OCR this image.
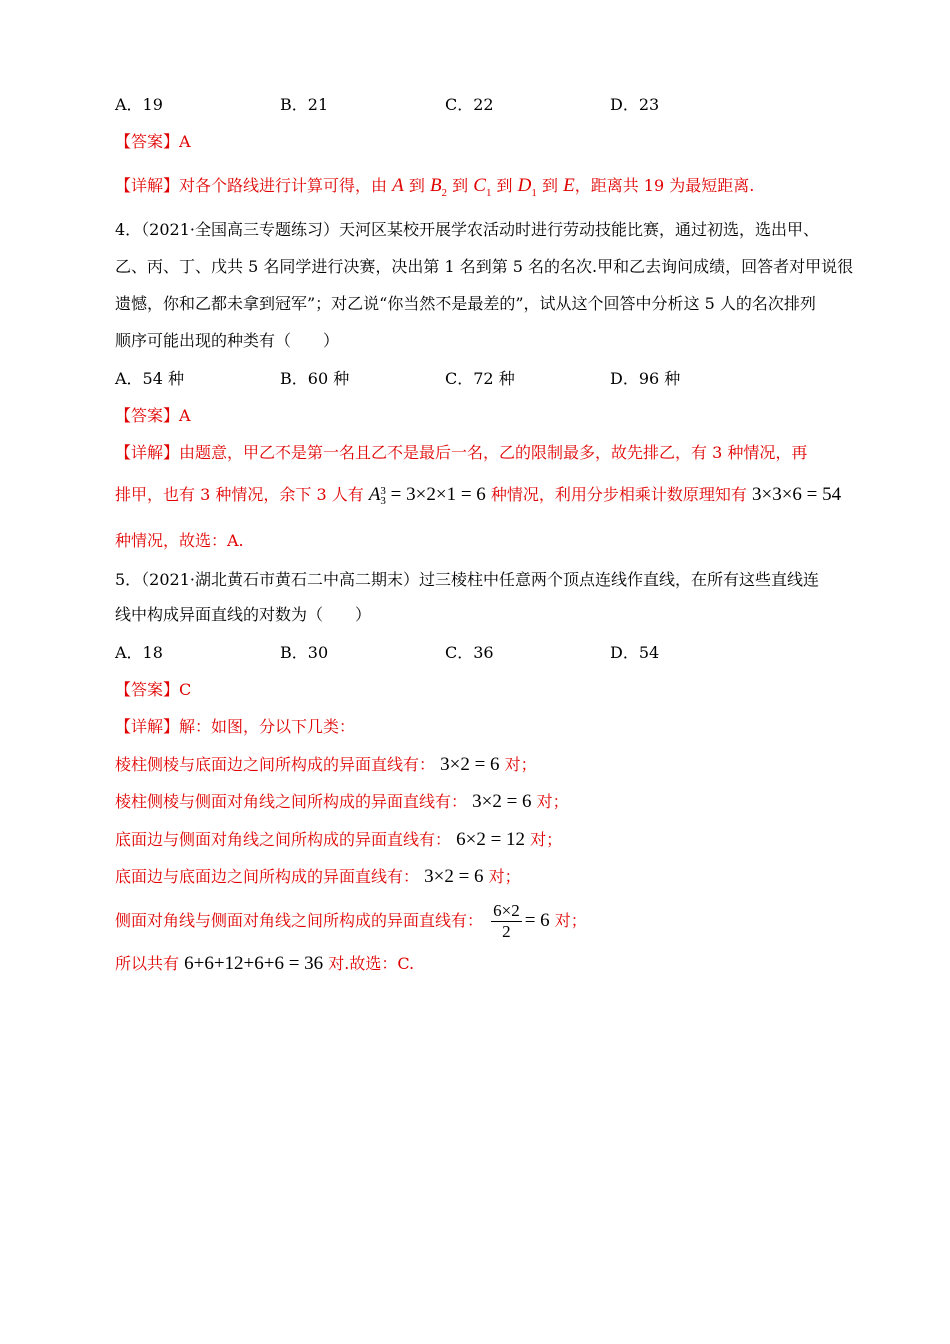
A．19	B．21	C．22	D．23
【答案】A
【详解】对各个路线进行计算可得，由 A 到 $B_2$ 到 $C_1$ 到 $D_1$ 到 E，距离共 19 为最短距离.
4．（2021·全国高三专题练习）天河区某校开展学农活动时进行劳动技能比赛，通过初选，选出甲、
乙、丙、丁、戊共 5 名同学进行决赛，决出第 1 名到第 5 名的名次.甲和乙去询问成绩，回答者对甲说很
遗憾，你和乙都未拿到冠军”；对乙说“你当然不是最差的”，试从这个回答中分析这 5 人的名次排列
顺序可能出现的种类有（　　）
A．54 种	B．60 种	C．72 种	D．96 种
【答案】A
【详解】由题意，甲乙不是第一名且乙不是最后一名，乙的限制最多，故先排乙，有 3 种情况，再
排甲，也有 3 种情况，余下 3 人有 A 3
3 = 3×2×1 = 6 种情况，利用分步相乘计数原理知有 3×3×6 = 54
种情况，故选：A.
5．（2021·湖北黄石市黄石二中高二期末）过三棱柱中任意两个顶点连线作直线，在所有这些直线连
线中构成异面直线的对数为（　　）
A．18	B．30	C．36	D．54
【答案】C
【详解】解：如图，分以下几类：
棱柱侧棱与底面边之间所构成的异面直线有： 3×2 = 6 对；
棱柱侧棱与侧面对角线之间所构成的异面直线有： 3×2 = 6 对；
底面边与侧面对角线之间所构成的异面直线有： 6×2 = 12 对；
底面边与底面边之间所构成的异面直线有： 3×2 = 6 对；
侧面对角线与侧面对角线之间所构成的异面直线有： $\frac{6\times 2}{2} = 6$ 对；
所以共有 6+6+12+6+6 = 36 对.故选：C.
